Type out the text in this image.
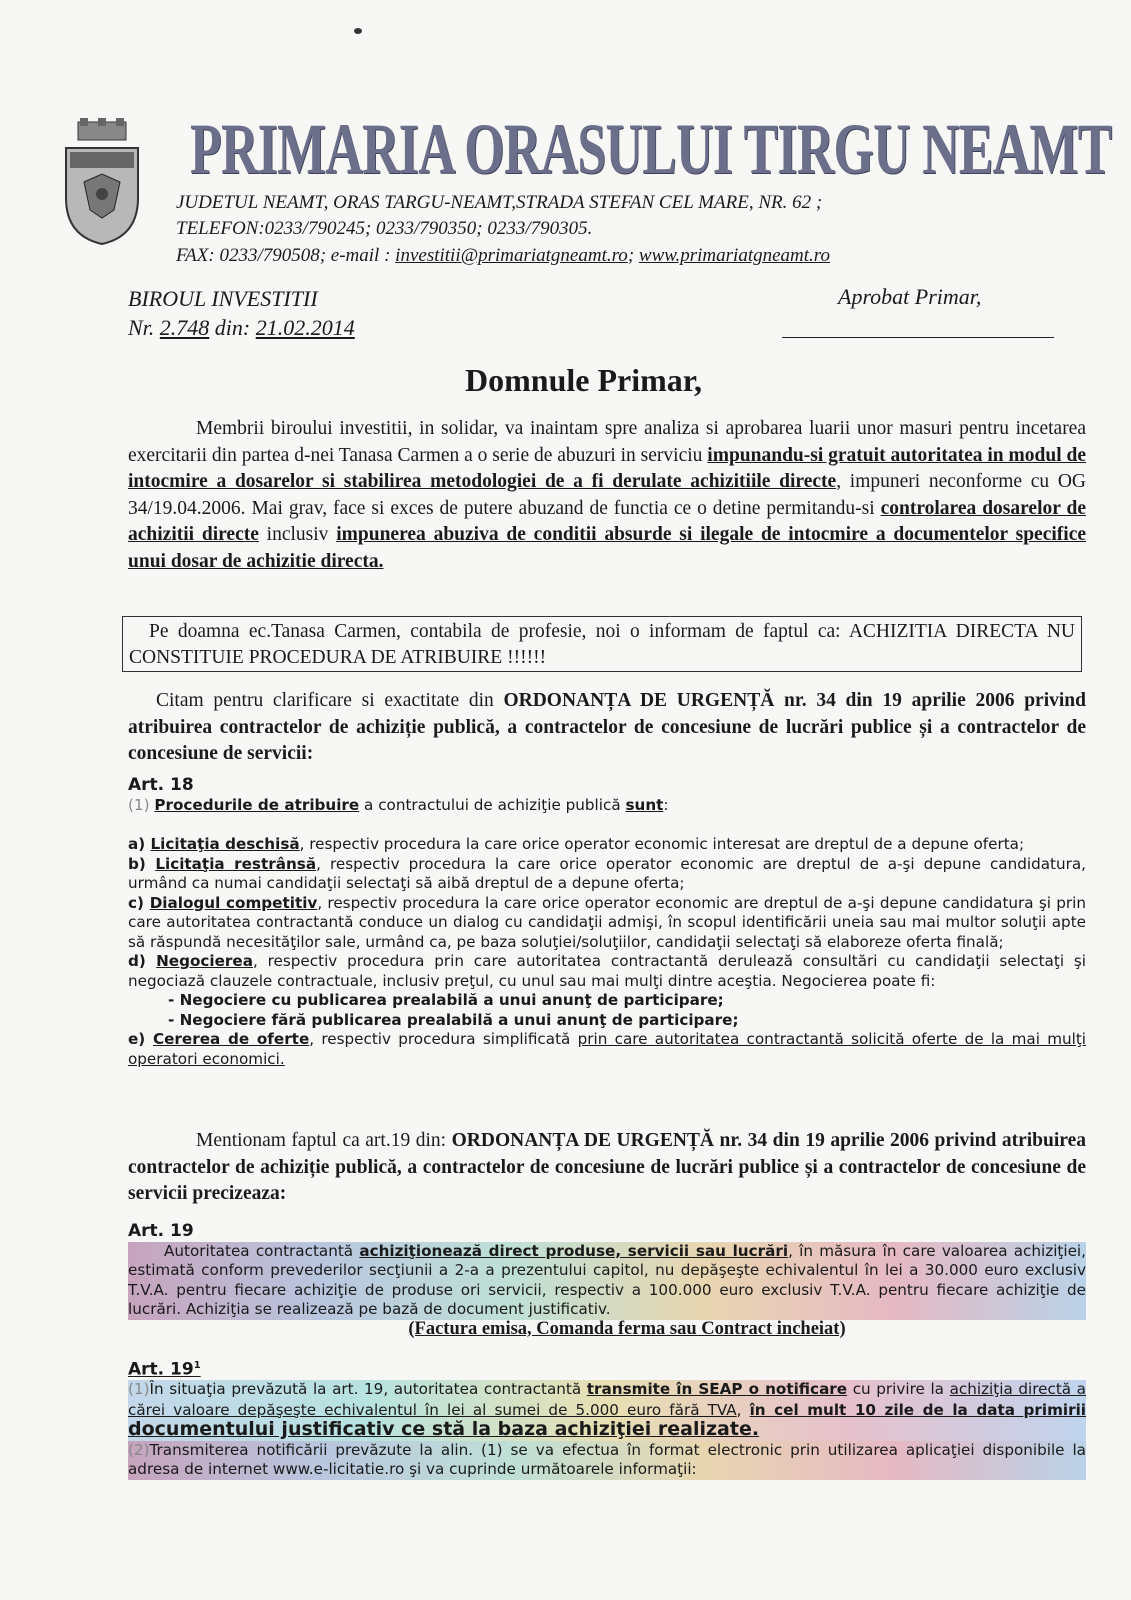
PRIMARIA ORASULUI TIRGU NEAMT
JUDETUL NEAMT, ORAS TARGU-NEAMT,STRADA STEFAN CEL MARE, NR. 62 ;
TELEFON:0233/790245; 0233/790350; 0233/790305.
FAX: 0233/790508; e-mail : investitii@primariatgneamt.ro; www.primariatgneamt.ro
BIROUL INVESTITII
Nr. 2.748 din: 21.02.2014
Aprobat Primar,
Domnule Primar,
Membrii biroului investitii, in solidar, va inaintam spre analiza si aprobarea luarii unor masuri pentru incetarea exercitarii din partea d-nei Tanasa Carmen a o serie de abuzuri in serviciu impunandu-si gratuit autoritatea in modul de intocmire a dosarelor si stabilirea metodologiei de a fi derulate achizitiile directe, impuneri neconforme cu OG 34/19.04.2006. Mai grav, face si exces de putere abuzand de functia ce o detine permitandu-si controlarea dosarelor de achizitii directe inclusiv impunerea abuziva de conditii absurde si ilegale de intocmire a documentelor specifice unui dosar de achizitie directa.
Pe doamna ec.Tanasa Carmen, contabila de profesie, noi o informam de faptul ca: ACHIZITIA DIRECTA NU CONSTITUIE PROCEDURA DE ATRIBUIRE !!!!!!
Citam pentru clarificare si exactitate din ORDONANȚA DE URGENȚĂ nr. 34 din 19 aprilie 2006 privind atribuirea contractelor de achiziție publică, a contractelor de concesiune de lucrări publice și a contractelor de concesiune de servicii:
Art. 18
(1) Procedurile de atribuire a contractului de achiziţie publică sunt:
a) Licitaţia deschisă, respectiv procedura la care orice operator economic interesat are dreptul de a depune oferta;
b) Licitaţia restrânsă, respectiv procedura la care orice operator economic are dreptul de a-şi depune candidatura, urmând ca numai candidaţii selectaţi să aibă dreptul de a depune oferta;
c) Dialogul competitiv, respectiv procedura la care orice operator economic are dreptul de a-şi depune candidatura şi prin care autoritatea contractantă conduce un dialog cu candidaţii admişi, în scopul identificării uneia sau mai multor soluţii apte să răspundă necesităţilor sale, urmând ca, pe baza soluţiei/soluţiilor, candidaţii selectaţi să elaboreze oferta finală;
d) Negocierea, respectiv procedura prin care autoritatea contractantă derulează consultări cu candidaţii selectaţi şi negociază clauzele contractuale, inclusiv preţul, cu unul sau mai mulţi dintre aceştia. Negocierea poate fi:
- Negociere cu publicarea prealabilă a unui anunţ de participare;
- Negociere fără publicarea prealabilă a unui anunţ de participare;
e) Cererea de oferte, respectiv procedura simplificată prin care autoritatea contractantă solicită oferte de la mai mulţi operatori economici.
Mentionam faptul ca art.19 din: ORDONANȚA DE URGENȚĂ nr. 34 din 19 aprilie 2006 privind atribuirea contractelor de achiziție publică, a contractelor de concesiune de lucrări publice și a contractelor de concesiune de servicii precizeaza:
Art. 19
Autoritatea contractantă achiziţionează direct produse, servicii sau lucrări, în măsura în care valoarea achiziţiei, estimată conform prevederilor secţiunii a 2-a a prezentului capitol, nu depăşeşte echivalentul în lei a 30.000 euro exclusiv T.V.A. pentru fiecare achiziţie de produse ori servicii, respectiv a 100.000 euro exclusiv T.V.A. pentru fiecare achiziţie de lucrări. Achiziţia se realizează pe bază de document justificativ.
(Factura emisa, Comanda ferma sau Contract incheiat)
Art. $19^1$
(1)În situaţia prevăzută la art. 19, autoritatea contractantă transmite în SEAP o notificare cu privire la achiziţia directă a cărei valoare depăşeşte echivalentul în lei al sumei de 5.000 euro fără TVA, în cel mult 10 zile de la data primirii documentului justificativ ce stă la baza achiziţiei realizate.
(2)Transmiterea notificării prevăzute la alin. (1) se va efectua în format electronic prin utilizarea aplicaţiei disponibile la adresa de internet www.e-licitatie.ro şi va cuprinde următoarele informaţii:
